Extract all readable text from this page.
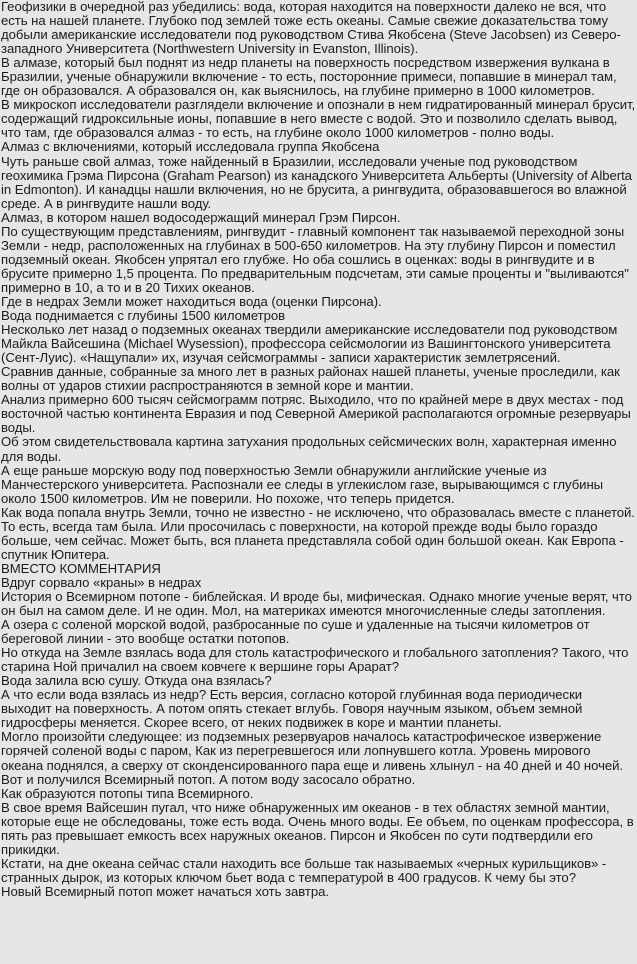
Геофизики в очередной раз убедились: вода, которая находится на поверхности далеко не вся, что есть на нашей планете. Глубоко под землей тоже есть океаны. Самые свежие доказательства тому добыли американские исследователи под руководством Стива Якобсена (Steve Jacobsen) из Северо-западного Университета (Northwestern University in Evanston, Illinois).

В алмазе, который был поднят из недр планеты на поверхность посредством извержения вулкана в Бразилии, ученые обнаружили включение - то есть, посторонние примеси, попавшие в минерал там, где он образовался. А образовался он, как выяснилось, на глубине примерно в 1000 километров.

В микроскоп исследователи разглядели включение и опознали в нем гидратированный минерал брусит, содержащий гидроксильные ионы, попавшие в него вместе с водой. Это и позволило сделать вывод, что там, где образовался алмаз - то есть, на глубине около 1000 километров - полно воды.

Алмаз с включениями, который исследовала группа Якобсена

Чуть раньше свой алмаз, тоже найденный в Бразилии, исследовали ученые под руководством геохимика Грэма Пирсона (Graham Pearson) из канадского Университета Альберты (University of Alberta in Edmonton). И канадцы нашли включения, но не брусита, а рингвудита, образовавшегося во влажной среде. А в рингвудите нашли воду.

Алмаз, в котором нашел водосодержащий минерал Грэм Пирсон.

По существующим представлениям, рингвудит - главный компонент так называемой переходной зоны Земли - недр, расположенных на глубинах в 500-650 километров. На эту глубину Пирсон и поместил подземный океан. Якобсен упрятал его глубже. Но оба сошлись в оценках: воды в рингвудите и в брусите примерно 1,5 процента. По предварительным подсчетам, эти самые проценты и "выливаются" примерно в 10, а то и в 20 Тихих океанов.

Где в недрах Земли может находиться вода (оценки Пирсона).

Вода поднимается с глубины 1500 километров

Несколько лет назад о подземных океанах твердили американские исследователи под руководством Майкла Вайсешина (Michael Wysession), профессора сейсмологии из Вашингтонского университета (Сент-Луис). «Нащупали» их, изучая сейсмограммы - записи характеристик землетрясений.

Сравнив данные, собранные за много лет в разных районах нашей планеты, ученые проследили, как волны от ударов стихии распространяются в земной коре и мантии.

Анализ примерно 600 тысяч сейсмограмм потряс. Выходило, что по крайней мере в двух местах - под восточной частью континента Евразия и под Северной Америкой располагаются огромные резервуары воды.

Об этом свидетельствовала картина затухания продольных сейсмических волн, характерная именно для воды.

А еще раньше морскую воду под поверхностью Земли обнаружили английские ученые из Манчестерского университета. Распознали ее следы в углекислом газе, вырывающимся с глубины около 1500 километров. Им не поверили. Но похоже, что теперь придется.

Как вода попала внутрь Земли, точно не известно - не исключено, что образовалась вместе с планетой. То есть, всегда там была. Или просочилась с поверхности, на которой прежде воды было гораздо больше, чем сейчас. Может быть, вся планета представляла собой один большой океан. Как Европа - спутник Юпитера.

ВМЕСТО КОММЕНТАРИЯ

Вдруг сорвало «краны» в недрах

История о Всемирном потопе - библейская. И вроде бы, мифическая. Однако многие ученые верят, что он был на самом деле. И не один. Мол, на материках имеются многочисленные следы затопления.

А озера с соленой морской водой, разбросанные по суше и удаленные на тысячи километров от береговой линии - это вообще остатки потопов.

Но откуда на Земле взялась вода для столь катастрофического и глобального затопления? Такого, что старина Ной причалил на своем ковчеге к вершине горы Арарат?

Вода залила всю сушу. Откуда она взялась?

А что если вода взялась из недр? Есть версия, согласно которой глубинная вода периодически выходит на поверхность. А потом опять стекает вглубь. Говоря научным языком, объем земной гидросферы меняется. Скорее всего, от неких подвижек в коре и мантии планеты.

Могло произойти следующее: из подземных резервуаров началось катастрофическое извержение горячей соленой воды с паром, Как из перегревшегося или лопнувшего котла. Уровень мирового океана поднялся, а сверху от сконденсированного пара еще и ливень хлынул - на 40 дней и 40 ночей. Вот и получился Всемирный потоп. А потом воду засосало обратно.

Как образуются потопы типа Всемирного.

В свое время Вайсешин пугал, что ниже обнаруженных им океанов - в тех областях земной мантии, которые еще не обследованы, тоже есть вода. Очень много воды. Ее объем, по оценкам профессора, в пять раз превышает емкость всех наружных океанов. Пирсон и Якобсен по сути подтвердили его прикидки.

Кстати, на дне океана сейчас стали находить все больше так называемых «черных курильщиков» - странных дырок, из которых ключом бьет вода с температурой в 400 градусов. К чему бы это?

Новый Всемирный потоп может начаться хоть завтра.
